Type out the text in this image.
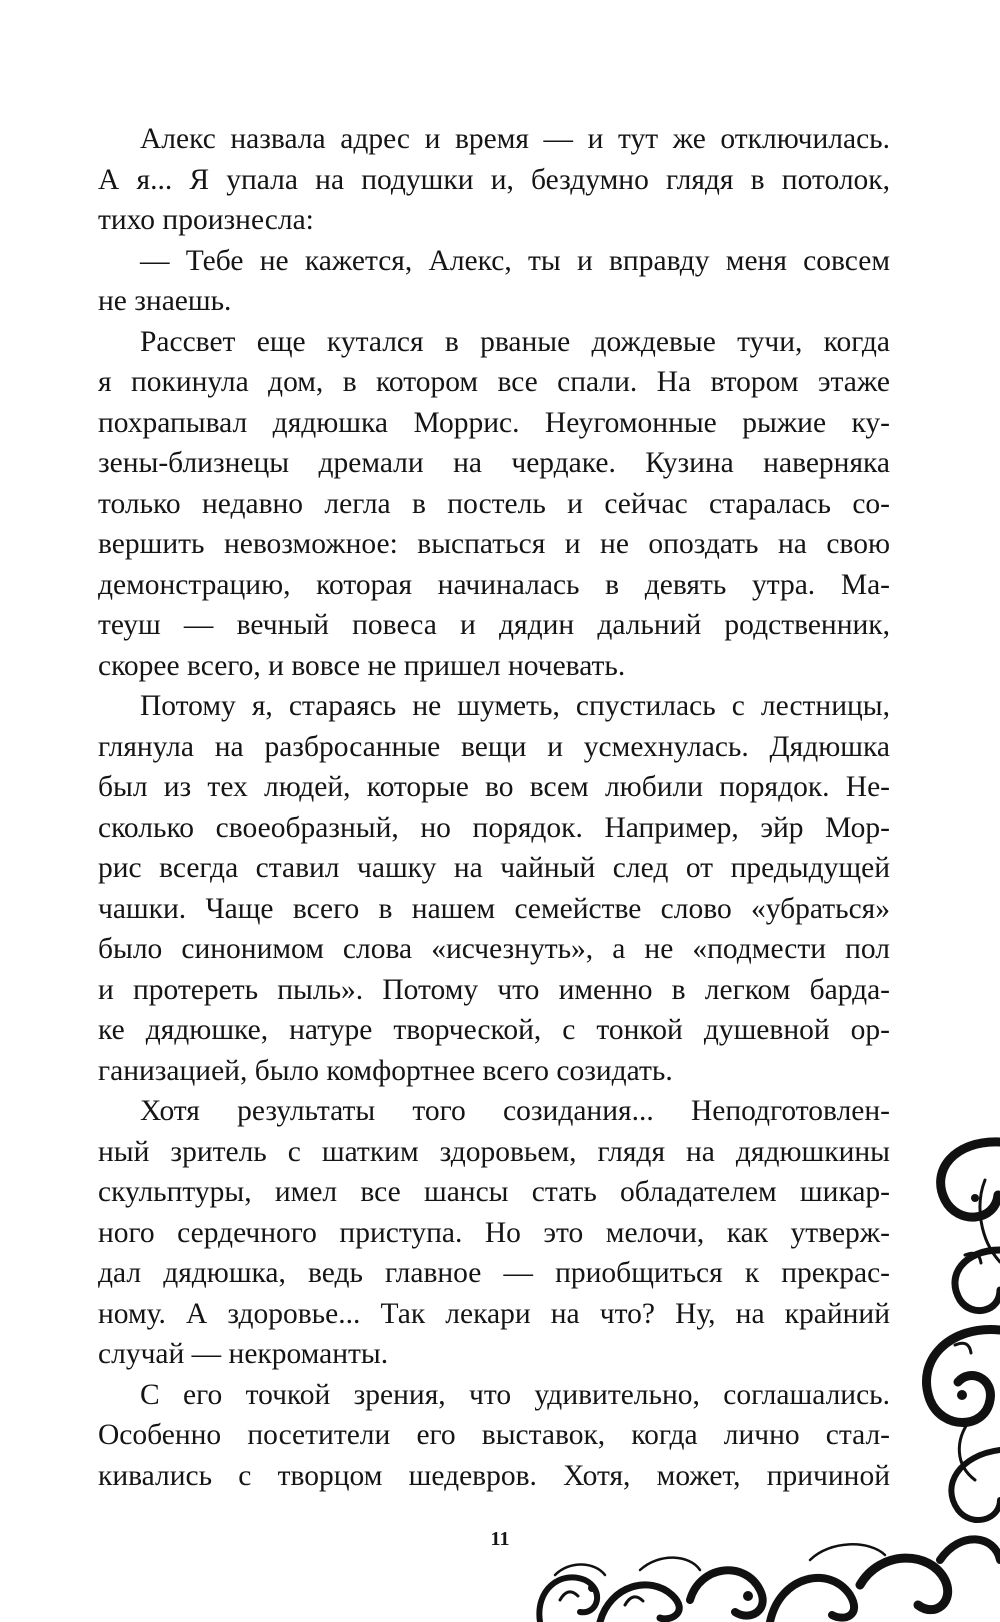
Алекс назвала адрес и время — и тут же отключилась.
А я... Я упала на подушки и, бездумно глядя в потолок,
тихо произнесла:
— Тебе не кажется, Алекс, ты и вправду меня совсем
не знаешь.
Рассвет еще кутался в рваные дождевые тучи, когда
я покинула дом, в котором все спали. На втором этаже
похрапывал дядюшка Моррис. Неугомонные рыжие ку-
зены-близнецы дремали на чердаке. Кузина наверняка
только недавно легла в постель и сейчас старалась со-
вершить невозможное: выспаться и не опоздать на свою
демонстрацию, которая начиналась в девять утра. Ма-
теуш — вечный повеса и дядин дальний родственник,
скорее всего, и вовсе не пришел ночевать.
Потому я, стараясь не шуметь, спустилась с лестницы,
глянула на разбросанные вещи и усмехнулась. Дядюшка
был из тех людей, которые во всем любили порядок. Не-
сколько своеобразный, но порядок. Например, эйр Мор-
рис всегда ставил чашку на чайный след от предыдущей
чашки. Чаще всего в нашем семействе слово «убраться»
было синонимом слова «исчезнуть», а не «подмести пол
и протереть пыль». Потому что именно в легком барда-
ке дядюшке, натуре творческой, с тонкой душевной ор-
ганизацией, было комфортнее всего созидать.
Хотя результаты того созидания... Неподготовлен-
ный зритель с шатким здоровьем, глядя на дядюшкины
скульптуры, имел все шансы стать обладателем шикар-
ного сердечного приступа. Но это мелочи, как утверж-
дал дядюшка, ведь главное — приобщиться к прекрас-
ному. А здоровье... Так лекари на что? Ну, на крайний
случай — некроманты.
С его точкой зрения, что удивительно, соглашались.
Особенно посетители его выставок, когда лично стал-
кивались с творцом шедевров. Хотя, может, причиной
11
